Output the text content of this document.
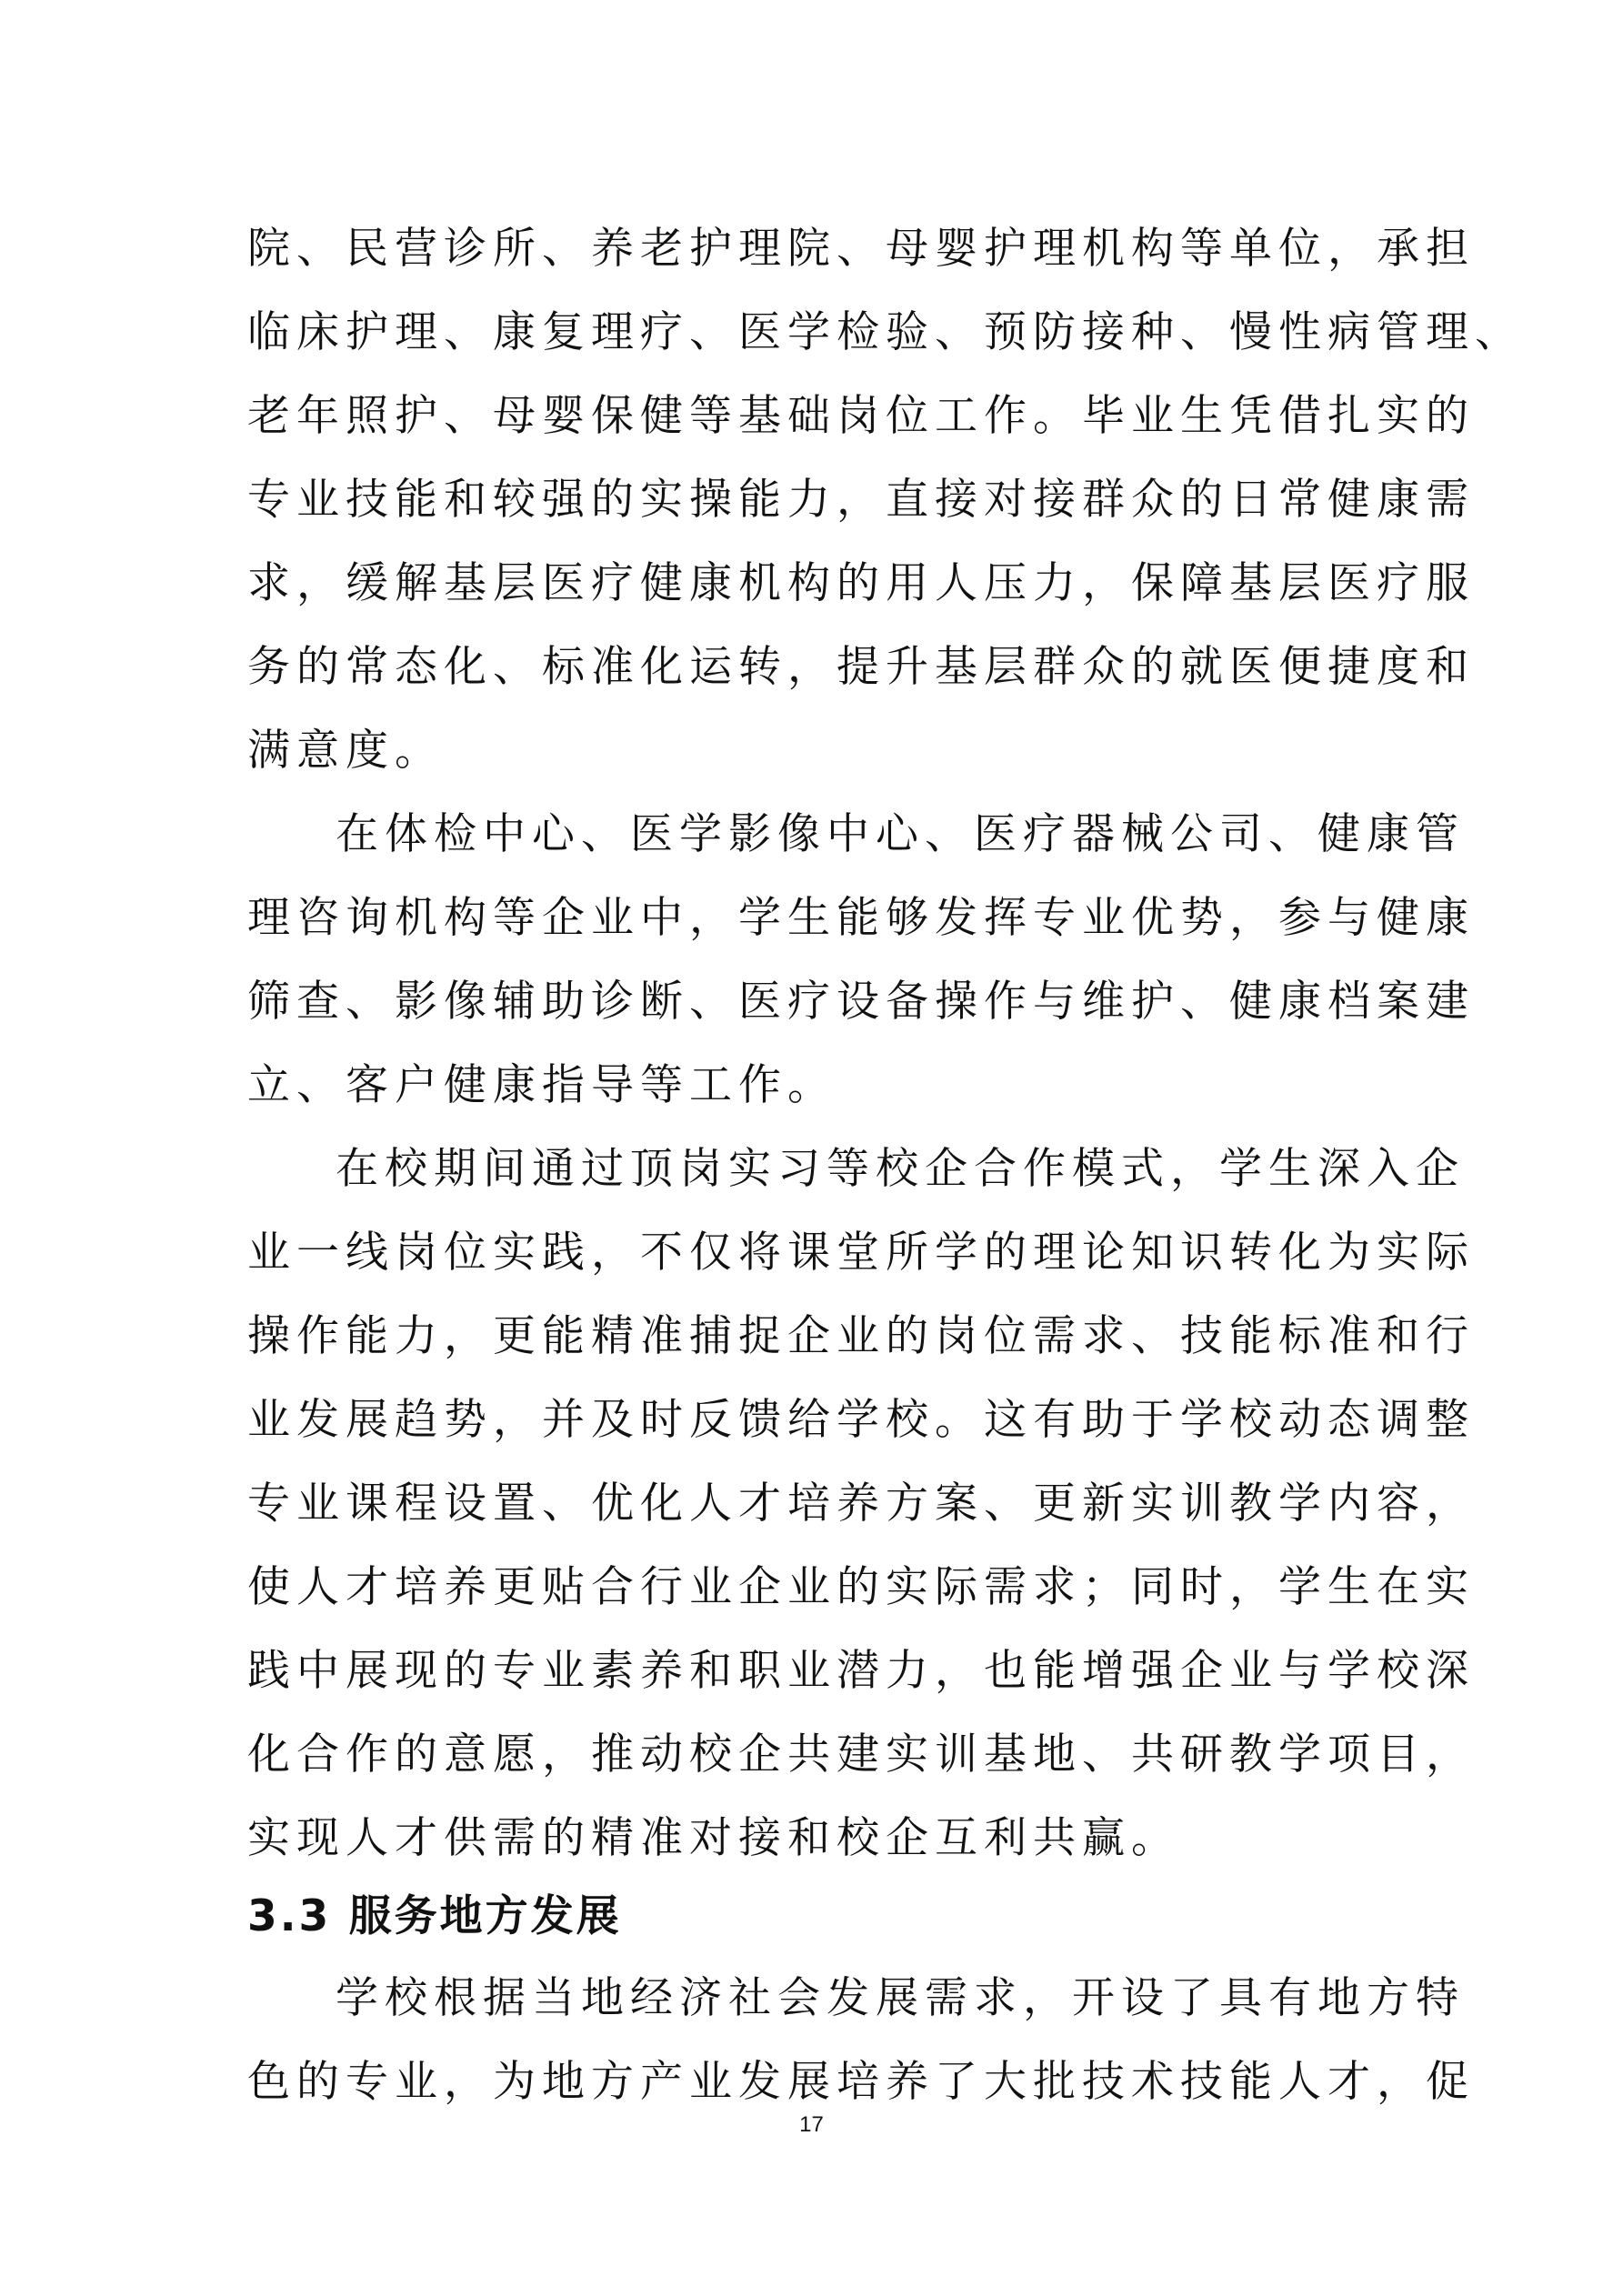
院、民营诊所、养老护理院、母婴护理机构等单位，承担
临床护理、康复理疗、医学检验、预防接种、慢性病管理、
老年照护、母婴保健等基础岗位工作。毕业生凭借扎实的
专业技能和较强的实操能力，直接对接群众的日常健康需
求，缓解基层医疗健康机构的用人压力，保障基层医疗服
务的常态化、标准化运转，提升基层群众的就医便捷度和
满意度。
在体检中心、医学影像中心、医疗器械公司、健康管
理咨询机构等企业中，学生能够发挥专业优势，参与健康
筛查、影像辅助诊断、医疗设备操作与维护、健康档案建
立、客户健康指导等工作。
在校期间通过顶岗实习等校企合作模式，学生深入企
业一线岗位实践，不仅将课堂所学的理论知识转化为实际
操作能力，更能精准捕捉企业的岗位需求、技能标准和行
业发展趋势，并及时反馈给学校。这有助于学校动态调整
专业课程设置、优化人才培养方案、更新实训教学内容，
使人才培养更贴合行业企业的实际需求；同时，学生在实
践中展现的专业素养和职业潜力，也能增强企业与学校深
化合作的意愿，推动校企共建实训基地、共研教学项目，
实现人才供需的精准对接和校企互利共赢。
3.3 服务地方发展
学校根据当地经济社会发展需求，开设了具有地方特
色的专业，为地方产业发展培养了大批技术技能人才，促
17
